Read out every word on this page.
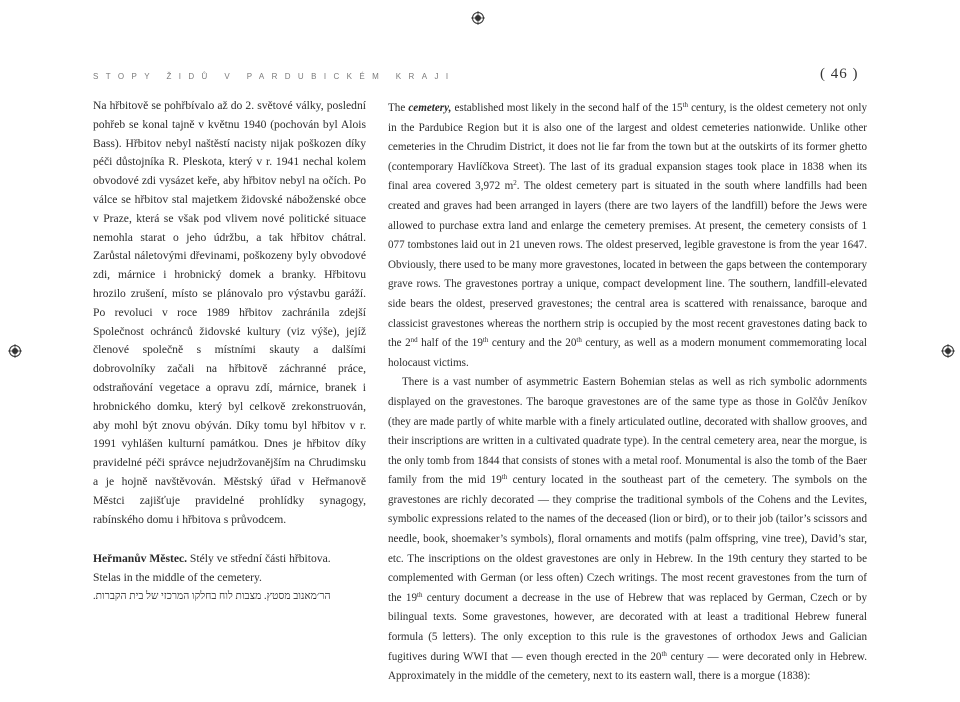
STOPY ŽIDŮ V PARDUBICKÉM KRAJI	( 46 )

Na hřbitově se pohřbívalo až do 2. světové války, poslední pohřeb se konal tajně v květnu 1940 (pochován byl Alois Bass). Hřbitov nebyl naštěstí nacisty nijak poškozen díky péči důstojníka R. Pleskota, který v r. 1941 nechal kolem obvodové zdi vysázet keře, aby hřbitov nebyl na očích. Po válce se hřbitov stal majetkem židovské náboženské obce v Praze, která se však pod vlivem nové politické situace nemohla starat o jeho údržbu, a tak hřbitov chátral. Zarůstal náletovými dřevinami, poškozeny byly obvodové zdi, márnice i hrobnický domek a branky. Hřbitovu hrozilo zrušení, místo se plánovalo pro výstavbu garáží. Po revoluci v roce 1989 hřbitov zachránila zdejší Společnost ochránců židovské kultury (viz výše), jejíž členové společně s místními skauty a dalšími dobrovolníky začali na hřbitově záchranné práce, odstraňování vegetace a opravu zdí, márnice, branek i hrobnického domku, který byl celkově zrekonstruován, aby mohl být znovu obýván. Díky tomu byl hřbitov v r. 1991 vyhlášen kulturní památkou. Dnes je hřbitov díky pravidelné péči správce nejudržovanějším na Chrudimsku a je hojně navštěvován. Městský úřad v Heřmanově Městci zajišťuje pravidelné prohlídky synagogy, rabínského domu i hřbitova s průvodcem.

Heřmanův Městec. Stély ve střední části hřbitova.
Stelas in the middle of the cemetery.
הר׳מאנוב מסטץ. מצבות לוח בחלקו המרכזי של בית הקברות.

The cemetery, established most likely in the second half of the 15th century, is the oldest cemetery not only in the Pardubice Region but it is also one of the largest and oldest cemeteries nationwide. Unlike other cemeteries in the Chrudim District, it does not lie far from the town but at the outskirts of its former ghetto (contemporary Havlíčkova Street). The last of its gradual expansion stages took place in 1838 when its final area covered 3,972 $m^2$. The oldest cemetery part is situated in the south where landfills had been created and graves had been arranged in layers (there are two layers of the landfill) before the Jews were allowed to purchase extra land and enlarge the cemetery premises. At present, the cemetery consists of 1 077 tombstones laid out in 21 uneven rows. The oldest preserved, legible gravestone is from the year 1647. Obviously, there used to be many more gravestones, located in between the gaps between the contemporary grave rows. The gravestones portray a unique, compact development line. The southern, landfill-elevated side bears the oldest, preserved gravestones; the central area is scattered with renaissance, baroque and classicist gravestones whereas the northern strip is occupied by the most recent gravestones dating back to the 2nd half of the 19th century and the 20th century, as well as a modern monument commemorating local holocaust victims.

There is a vast number of asymmetric Eastern Bohemian stelas as well as rich symbolic adornments displayed on the gravestones. The baroque gravestones are of the same type as those in Golčův Jeníkov (they are made partly of white marble with a finely articulated outline, decorated with shallow grooves, and their inscriptions are written in a cultivated quadrate type). In the central cemetery area, near the morgue, is the only tomb from 1844 that consists of stones with a metal roof. Monumental is also the tomb of the Baer family from the mid 19th century located in the southeast part of the cemetery. The symbols on the gravestones are richly decorated — they comprise the traditional symbols of the Cohens and the Levites, symbolic expressions related to the names of the deceased (lion or bird), or to their job (tailor’s scissors and needle, book, shoemaker’s symbols), floral ornaments and motifs (palm offspring, vine tree), David’s star, etc. The inscriptions on the oldest gravestones are only in Hebrew. In the 19th century they started to be complemented with German (or less often) Czech writings. The most recent gravestones from the turn of the 19th century document a decrease in the use of Hebrew that was replaced by German, Czech or by bilingual texts. Some gravestones, however, are decorated with at least a traditional Hebrew funeral formula (5 letters). The only exception to this rule is the gravestones of orthodox Jews and Galician fugitives during WWI that — even though erected in the 20th century — were decorated only in Hebrew. Approximately in the middle of the cemetery, next to its eastern wall, there is a morgue (1838):
